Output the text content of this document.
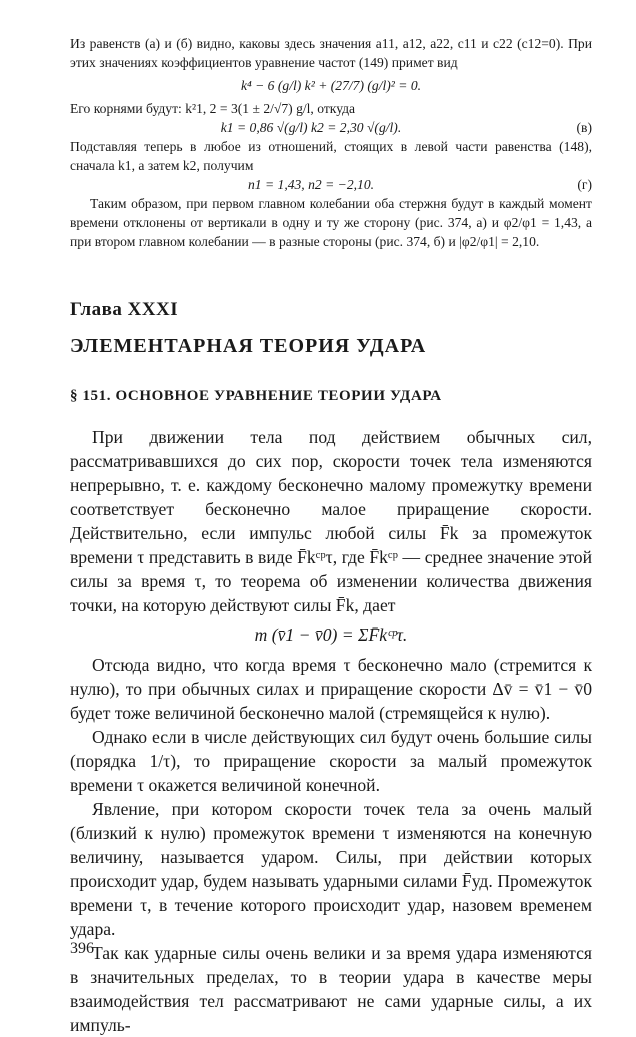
Из равенств (а) и (б) видно, каковы здесь значения a11, a12, a22, c11 и c22 (c12=0). При этих значениях коэффициентов уравнение частот (149) примет вид

k⁴ − 6 (g/l) k² + (27/7) (g/l)² = 0.

Его корнями будут: k²1, 2 = 3(1 ± 2/√7) g/l, откуда

k1 = 0,86 √(g/l) k2 = 2,30 √(g/l).	(в)

Подставляя теперь в любое из отношений, стоящих в левой части равенства (148), сначала k1, а затем k2, получим

n1 = 1,43, n2 = −2,10.	(г)

Таким образом, при первом главном колебании оба стержня будут в каждый момент времени отклонены от вертикали в одну и ту же сторону (рис. 374, а) и φ2/φ1 = 1,43, а при втором главном колебании — в разные стороны (рис. 374, б) и |φ2/φ1| = 2,10.

Глава XXXI
ЭЛЕМЕНТАРНАЯ ТЕОРИЯ УДАРА
§ 151. ОСНОВНОЕ УРАВНЕНИЕ ТЕОРИИ УДАРА

При движении тела под действием обычных сил, рассматривавшихся до сих пор, скорости точек тела изменяются непрерывно, т. е. каждому бесконечно малому промежутку времени соответствует бесконечно малое приращение скорости. Действительно, если импульс любой силы F̄k за промежуток времени τ представить в виде F̄kᶜᵖτ, где F̄kᶜᵖ — среднее значение этой силы за время τ, то теорема об изменении количества движения точки, на которую действуют силы F̄k, дает

m (v̄1 − v̄0) = ΣF̄kᶜᵖτ.

Отсюда видно, что когда время τ бесконечно мало (стремится к нулю), то при обычных силах и приращение скорости Δv̄ = v̄1 − v̄0 будет тоже величиной бесконечно малой (стремящейся к нулю).

Однако если в числе действующих сил будут очень большие силы (порядка 1/τ), то приращение скорости за малый промежуток времени τ окажется величиной конечной.

Явление, при котором скорости точек тела за очень малый (близкий к нулю) промежуток времени τ изменяются на конечную величину, называется ударом. Силы, при действии которых происходит удар, будем называть ударными силами F̄уд. Промежуток времени τ, в течение которого происходит удар, назовем временем удара.

Так как ударные силы очень велики и за время удара изменяются в значительных пределах, то в теории удара в качестве меры взаимодействия тел рассматривают не сами ударные силы, а их импуль-

396
